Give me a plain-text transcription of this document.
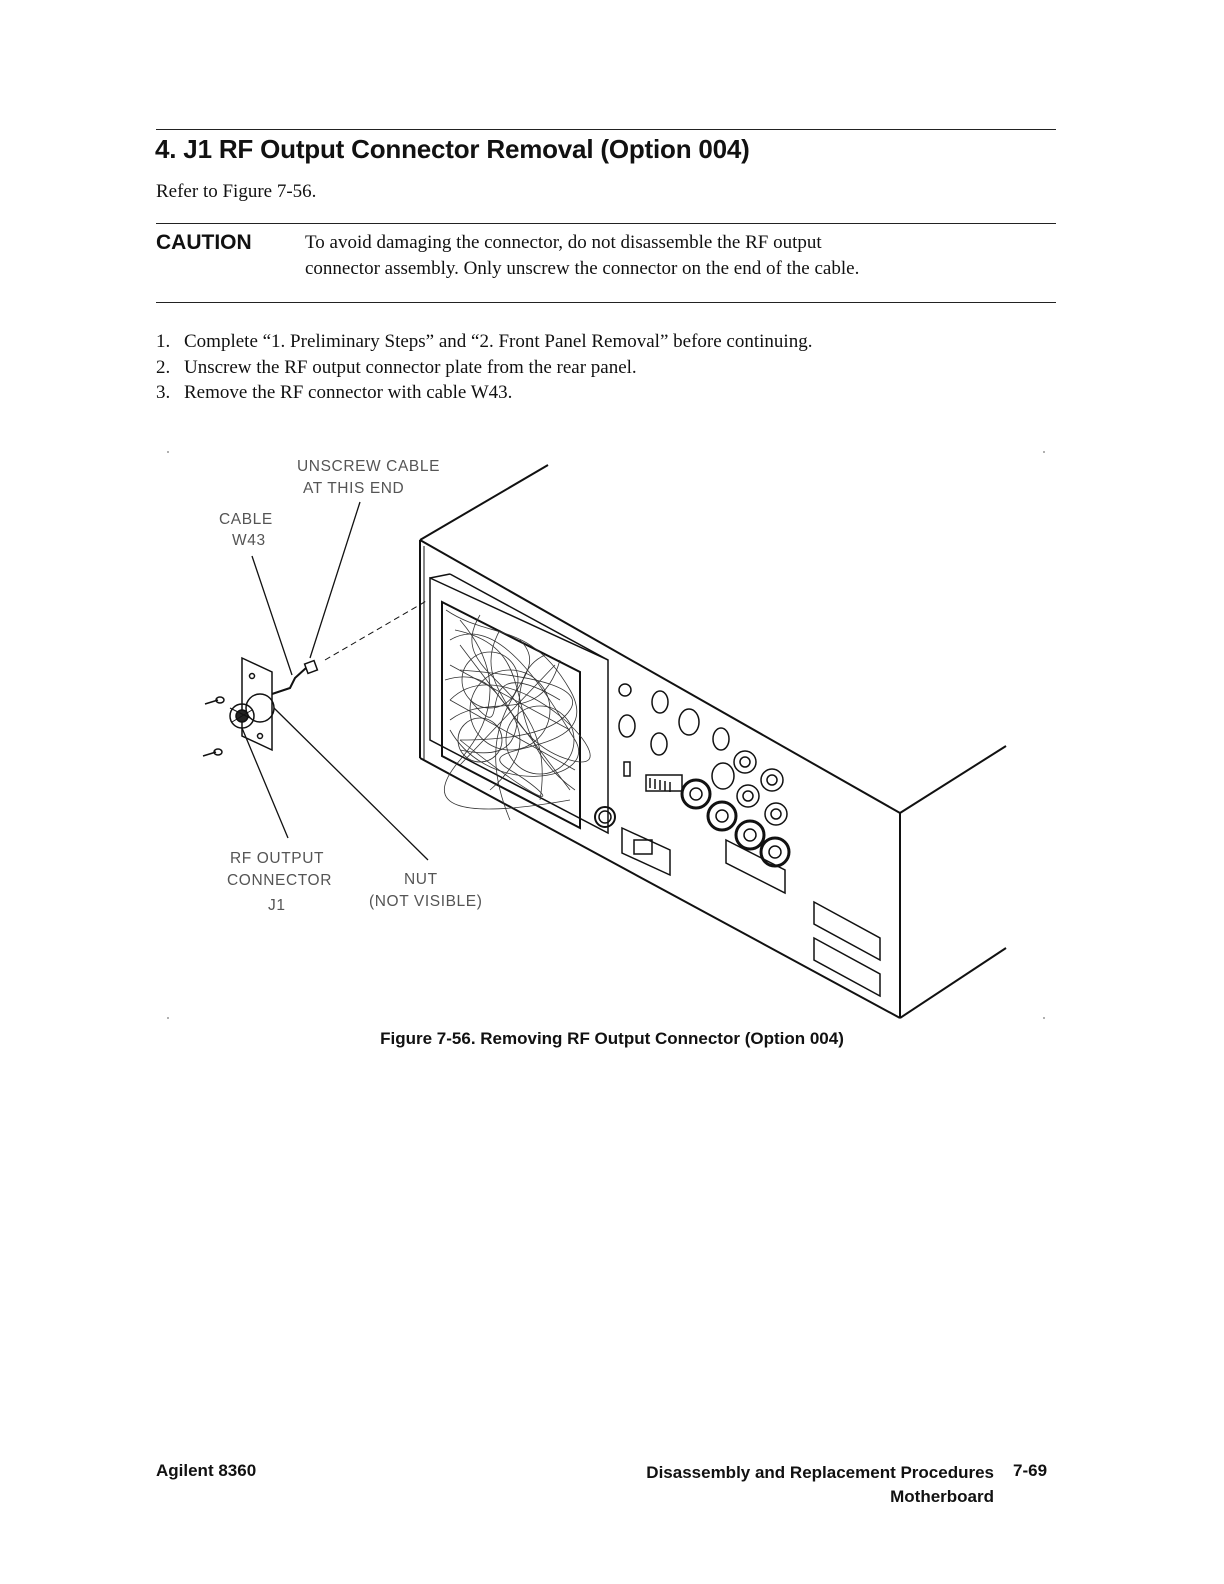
4. J1 RF Output Connector Removal (Option 004)
Refer to Figure 7-56.
CAUTION	To avoid damaging the connector, do not disassemble the RF output
connector assembly. Only unscrew the connector on the end of the cable.
1. Complete “1. Preliminary Steps” and “2. Front Panel Removal” before continuing.
2. Unscrew the RF output connector plate from the rear panel.
3. Remove the RF connector with cable W43.
UNSCREW CABLE
AT THIS END
CABLE
W43
RF OUTPUT
CONNECTOR
J1
NUT
(NOT VISIBLE)
Figure 7-56. Removing RF Output Connector (Option 004)
Agilent 8360	Disassembly and Replacement Procedures
Motherboard
7-69
